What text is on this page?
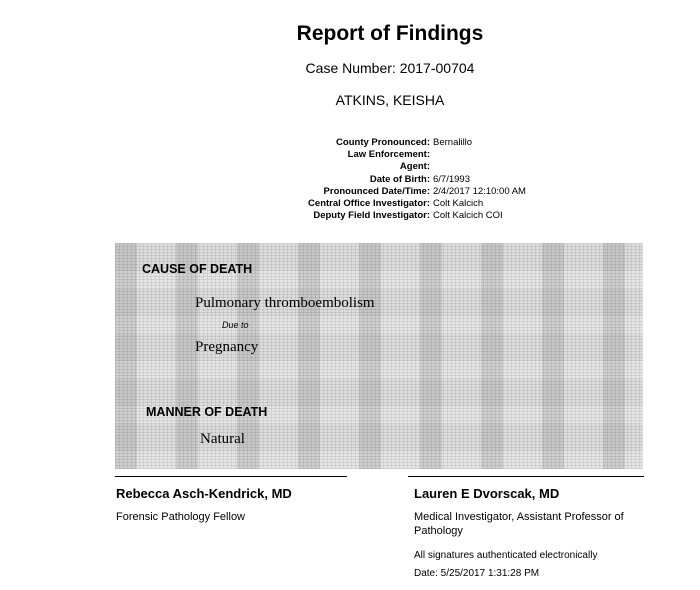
Report of Findings
Case Number: 2017-00704
ATKINS, KEISHA
County Pronounced: Bernalillo
Law Enforcement:
Agent:
Date of Birth: 6/7/1993
Pronounced Date/Time: 2/4/2017 12:10:00 AM
Central Office Investigator: Colt Kalcich
Deputy Field Investigator: Colt Kalcich COI
CAUSE OF DEATH
Pulmonary thromboembolism
Due to
Pregnancy
MANNER OF DEATH
Natural
Rebecca Asch-Kendrick, MD
Forensic Pathology Fellow
Lauren E Dvorscak, MD
Medical Investigator, Assistant Professor of
Pathology
All signatures authenticated electronically
Date: 5/25/2017 1:31:28 PM
